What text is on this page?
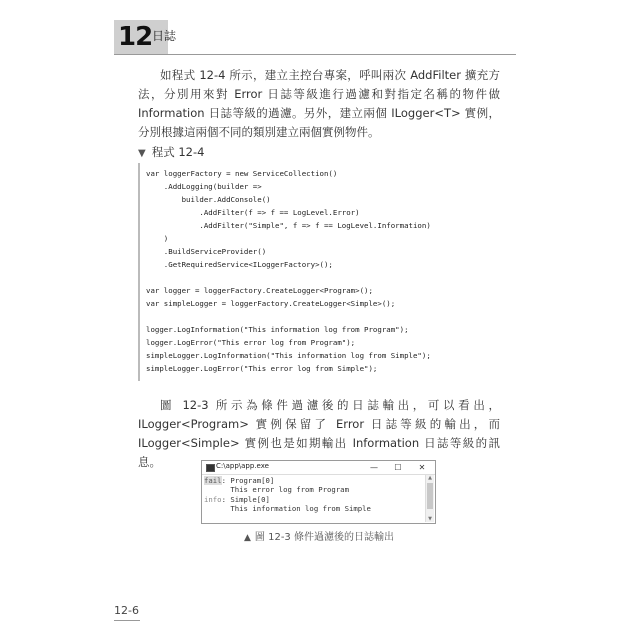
12 日誌
如程式 12-4 所示，建立主控台專案，呼叫兩次 AddFilter 擴充方法，分別用來對 Error 日誌等級進行過濾和對指定名稱的物件做 Information 日誌等級的過濾。另外，建立兩個 ILogger<T> 實例，分別根據這兩個不同的類別建立兩個實例物件。
▼ 程式 12-4
var loggerFactory = new ServiceCollection()
.AddLogging(builder =>
builder.AddConsole()
.AddFilter(f => f == LogLevel.Error)
.AddFilter("Simple", f => f == LogLevel.Information)
)
.BuildServiceProvider()
.GetRequiredService<ILoggerFactory>();
var logger = loggerFactory.CreateLogger<Program>();
var simpleLogger = loggerFactory.CreateLogger<Simple>();
logger.LogInformation("This information log from Program");
logger.LogError("This error log from Program");
simpleLogger.LogInformation("This information log from Simple");
simpleLogger.LogError("This error log from Simple");
圖 12-3 所示為條件過濾後的日誌輸出，可以看出，ILogger<Program> 實例保留了 Error 日誌等級的輸出，而 ILogger<Simple> 實例也是如期輸出 Information 日誌等級的訊息。	C:\app\app.exe	—	☐	✕
fail: Program[0]
This error log from Program
info: Simple[0]
This information log from Simple
▲
▼
▲ 圖 12-3 條件過濾後的日誌輸出
12-6
